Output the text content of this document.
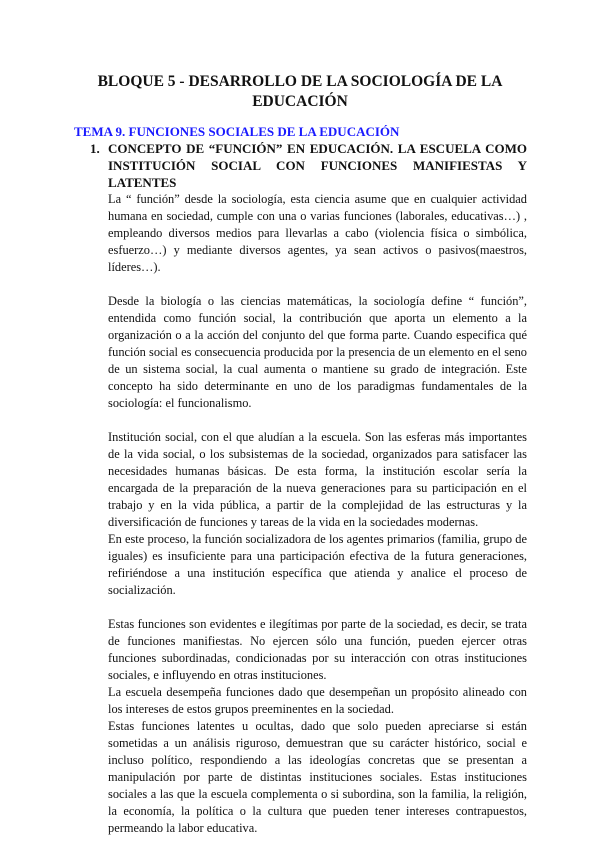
BLOQUE 5 - DESARROLLO DE LA SOCIOLOGÍA DE LA EDUCACIÓN
TEMA 9. FUNCIONES SOCIALES DE LA EDUCACIÓN
1. CONCEPTO DE “FUNCIÓN” EN EDUCACIÓN. LA ESCUELA COMO INSTITUCIÓN SOCIAL CON FUNCIONES MANIFIESTAS Y LATENTES

La “ función” desde la sociología, esta ciencia asume que en cualquier actividad humana en sociedad, cumple con una o varias funciones (laborales, educativas…) , empleando diversos medios para llevarlas a cabo (violencia física o simbólica, esfuerzo…) y mediante diversos agentes, ya sean activos o pasivos(maestros, líderes…).

Desde la biología o las ciencias matemáticas, la sociología define “ función”, entendida como función social, la contribución que aporta un elemento a la organización o a la acción del conjunto del que forma parte. Cuando especifica qué función social es consecuencia producida por la presencia de un elemento en el seno de un sistema social, la cual aumenta o mantiene su grado de integración. Este concepto ha sido determinante en uno de los paradigmas fundamentales de la sociología: el funcionalismo.

Institución social, con el que aludían a la escuela. Son las esferas más importantes de la vida social, o los subsistemas de la sociedad, organizados para satisfacer las necesidades humanas básicas. De esta forma, la institución escolar sería la encargada de la preparación de la nueva generaciones para su participación en el trabajo y en la vida pública, a partir de la complejidad de las estructuras y la diversificación de funciones y tareas de la vida en la sociedades modernas.

En este proceso, la función socializadora de los agentes primarios (familia, grupo de iguales) es insuficiente para una participación efectiva de la futura generaciones, refiriéndose a una institución específica que atienda y analice el proceso de socialización.

Estas funciones son evidentes e ilegítimas por parte de la sociedad, es decir, se trata de funciones manifiestas. No ejercen sólo una función, pueden ejercer otras funciones subordinadas, condicionadas por su interacción con otras instituciones sociales, e influyendo en otras instituciones.

La escuela desempeña funciones dado que desempeñan un propósito alineado con los intereses de estos grupos preeminentes en la sociedad.

Estas funciones latentes u ocultas, dado que solo pueden apreciarse si están sometidas a un análisis riguroso, demuestran que su carácter histórico, social e incluso político, respondiendo a las ideologías concretas que se presentan a manipulación por parte de distintas instituciones sociales. Estas instituciones sociales a las que la escuela complementa o si subordina, son la familia, la religión, la economía, la política o la cultura que pueden tener intereses contrapuestos, permeando la labor educativa.
